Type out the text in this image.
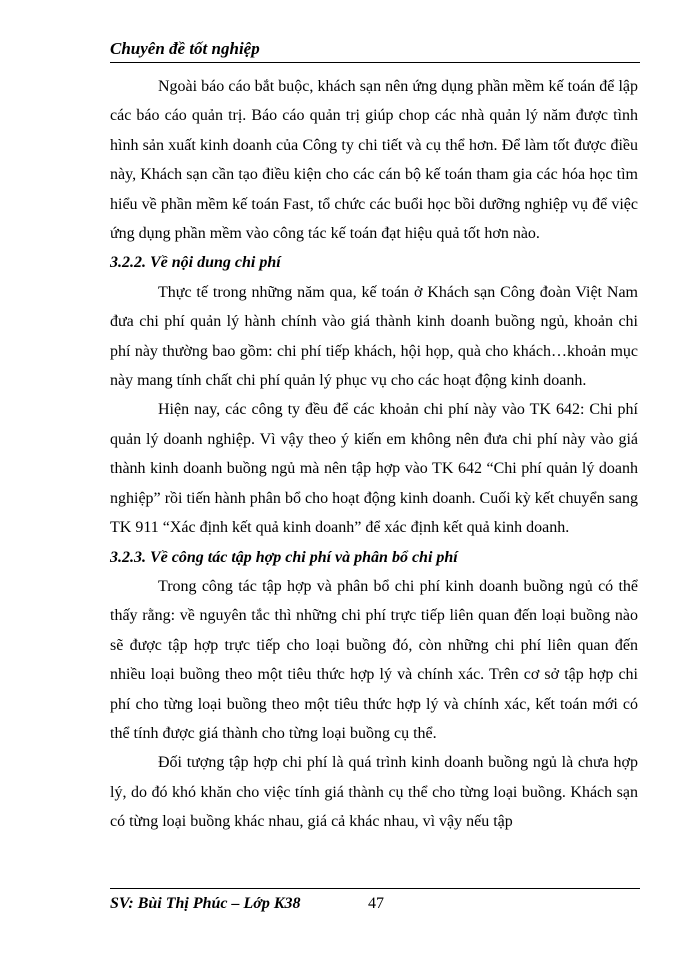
Chuyên đề tốt nghiệp

Ngoài báo cáo bắt buộc, khách sạn nên ứng dụng phần mềm kế toán để lập các báo cáo quản trị. Báo cáo quản trị giúp chop các nhà quản lý năm được tình hình sản xuất kinh doanh của Công ty chi tiết và cụ thể hơn. Để làm tốt được điều này, Khách sạn cần tạo điều kiện cho các cán bộ kế toán tham gia các hóa học tìm hiểu về phần mềm kế toán Fast, tổ chức các buổi học bồi dưỡng nghiệp vụ để việc ứng dụng phần mềm vào công tác kế toán đạt hiệu quả tốt hơn nào.

3.2.2. Về nội dung chi phí

Thực tế trong những năm qua, kế toán ở Khách sạn Công đoàn Việt Nam đưa chi phí quản lý hành chính vào giá thành kinh doanh buồng ngủ, khoản chi phí này thường bao gồm: chi phí tiếp khách, hội họp, quà cho khách…khoản mục này mang tính chất chi phí quản lý phục vụ cho các hoạt động kinh doanh.

Hiện nay, các công ty đều để các khoản chi phí này vào TK 642: Chi phí quản lý doanh nghiệp. Vì vậy theo ý kiến em không nên đưa chi phí này vào giá thành kinh doanh buồng ngủ mà nên tập hợp vào TK 642 “Chi phí quản lý doanh nghiệp” rồi tiến hành phân bổ cho hoạt động kinh doanh. Cuối kỳ kết chuyển sang TK 911 “Xác định kết quả kinh doanh” để xác định kết quả kinh doanh.

3.2.3. Về công tác tập hợp chi phí và phân bổ chi phí

Trong công tác tập hợp và phân bổ chi phí kinh doanh buồng ngủ có thể thấy rằng: về nguyên tắc thì những chi phí trực tiếp liên quan đến loại buồng nào sẽ được tập hợp trực tiếp cho loại buồng đó, còn những chi phí liên quan đến nhiều loại buồng theo một tiêu thức hợp lý và chính xác. Trên cơ sở tập hợp chi phí cho từng loại buồng theo một tiêu thức hợp lý và chính xác, kết toán mới có thể tính được giá thành cho từng loại buồng cụ thể.

Đối tượng tập hợp chi phí là quá trình kinh doanh buồng ngủ là chưa hợp lý, do đó khó khăn cho việc tính giá thành cụ thể cho từng loại buồng. Khách sạn có từng loại buồng khác nhau, giá cả khác nhau, vì vậy nếu tập

SV: Bùi Thị Phúc – Lớp K38	47
